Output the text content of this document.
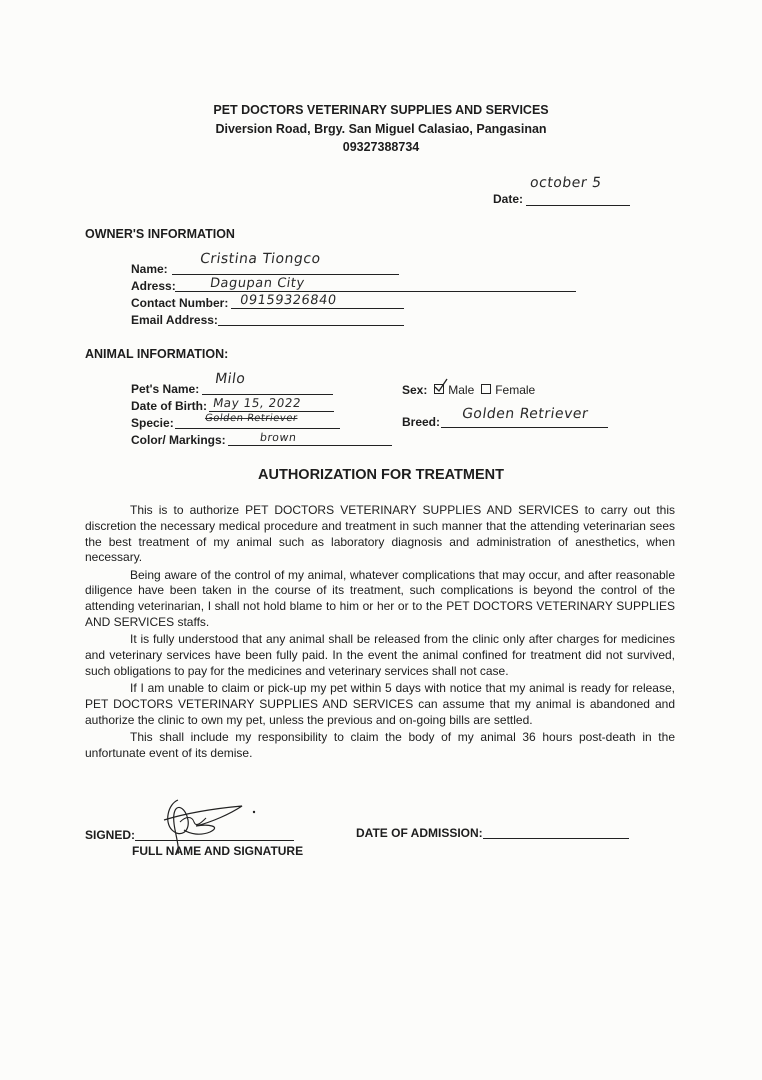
PET DOCTORS VETERINARY SUPPLIES AND SERVICES
Diversion Road, Brgy. San Miguel Calasiao, Pangasinan
09327388734
october 5
Date:
OWNER'S INFORMATION
Name:
Cristina Tiongco
Adress:	Dagupan City
Contact Number: 09159326840
Email Address:
ANIMAL INFORMATION:
Pet's Name:
Milo
Date of Birth: May 15, 2022
Specie:	Golden Retriever
Color/ Markings:	brown
Sex: Male Female
Breed: Golden Retriever
AUTHORIZATION FOR TREATMENT

This is to authorize PET DOCTORS VETERINARY SUPPLIES AND SERVICES to carry out this discretion the necessary medical procedure and treatment in such manner that the attending veterinarian sees the best treatment of my animal such as laboratory diagnosis and administration of anesthetics, when necessary.

Being aware of the control of my animal, whatever complications that may occur, and after reasonable diligence have been taken in the course of its treatment, such complications is beyond the control of the attending veterinarian, I shall not hold blame to him or her or to the PET DOCTORS VETERINARY SUPPLIES AND SERVICES staffs.

It is fully understood that any animal shall be released from the clinic only after charges for medicines and veterinary services have been fully paid. In the event the animal confined for treatment did not survived, such obligations to pay for the medicines and veterinary services shall not case.

If I am unable to claim or pick-up my pet within 5 days with notice that my animal is ready for release, PET DOCTORS VETERINARY SUPPLIES AND SERVICES can assume that my animal is abandoned and authorize the clinic to own my pet, unless the previous and on-going bills are settled.

This shall include my responsibility to claim the body of my animal 36 hours post-death in the unfortunate event of its demise.

SIGNED:
FULL NAME AND SIGNATURE
DATE OF ADMISSION:
